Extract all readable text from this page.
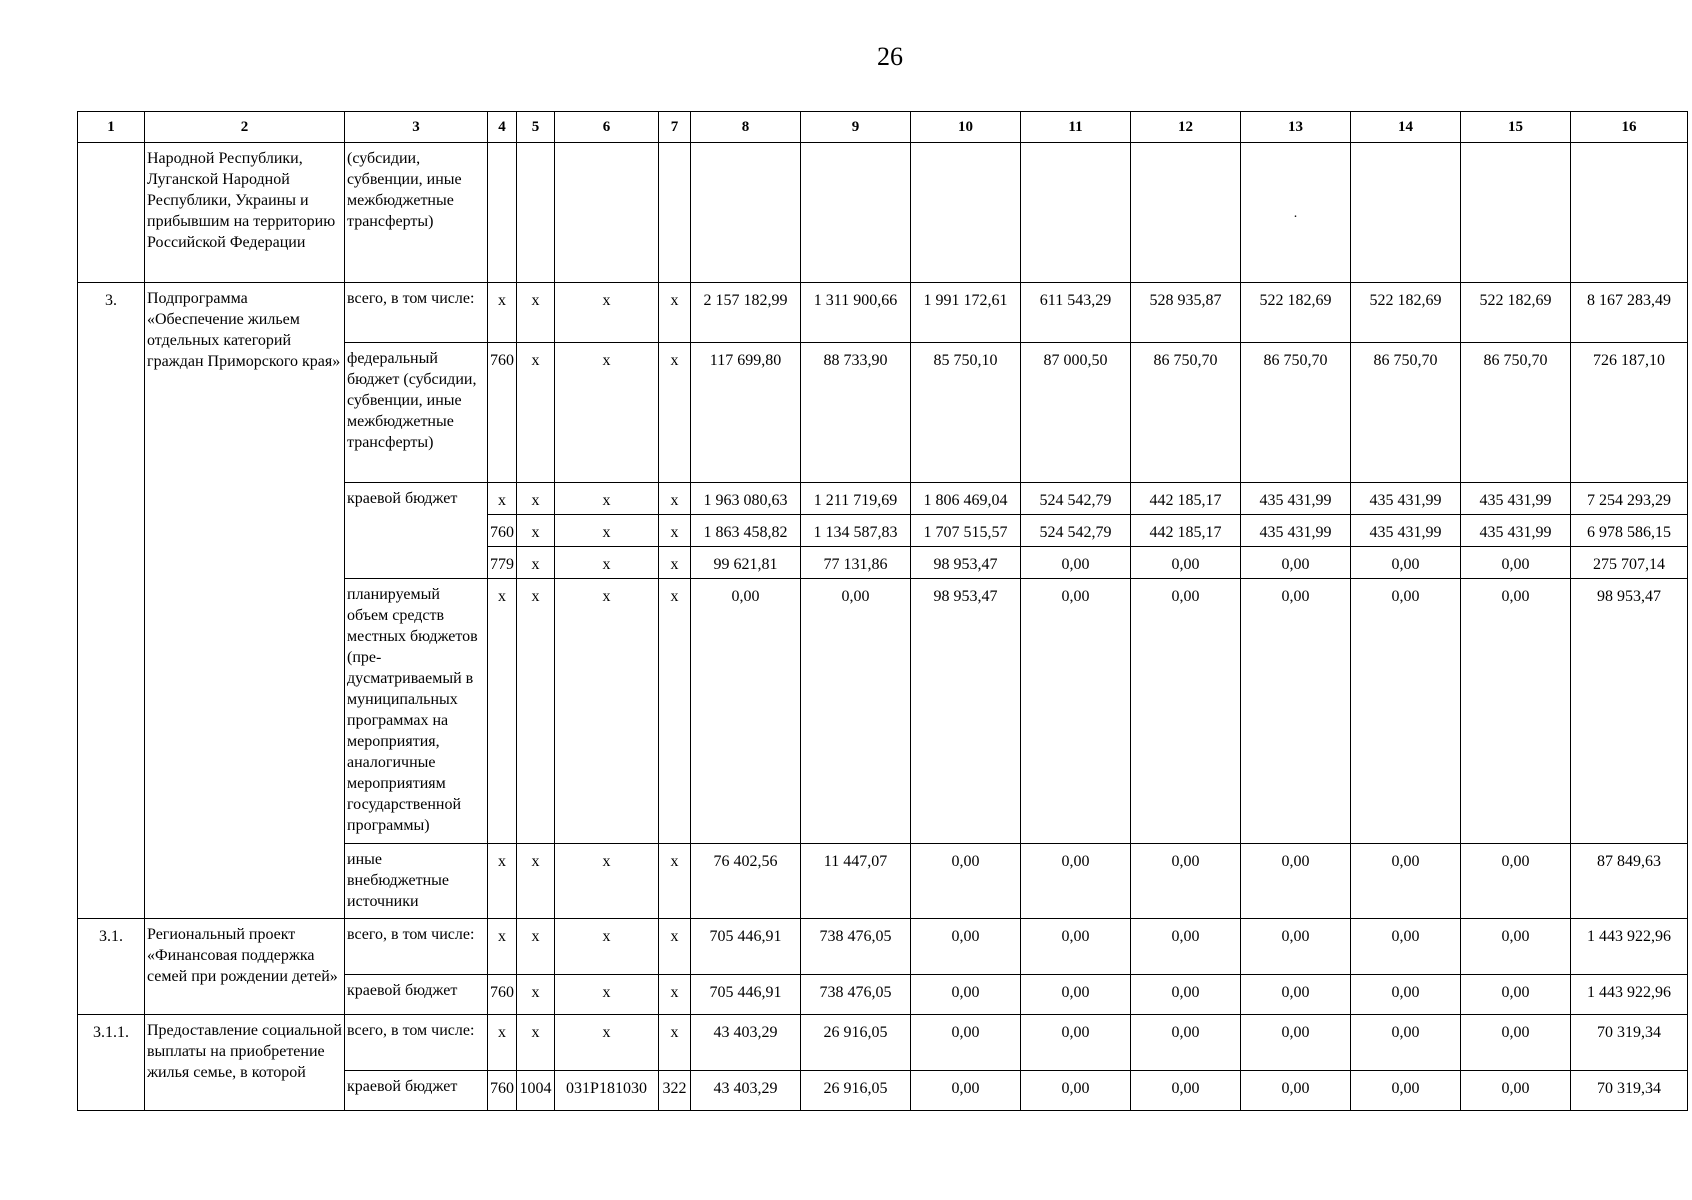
26
1	2	3	4	5	6	7	8	9	10	11	12	13	14	15	16
	Народной Республики, Луганской Народной Республики, Украины и прибывшим на территорию Российской Федерации	(субсидии, субвенции, иные межбюджетные трансферты)										.			

3.	Подпрограмма «Обеспечение жильем отдельных категорий граждан Приморского края»	всего, в том числе:	x	x	x	x	2 157 182,99	1 311 900,66	1 991 172,61	611 543,29	528 935,87	522 182,69	522 182,69	522 182,69	8 167 283,49
		федеральный бюджет (субсидии, субвенции, иные межбюджетные трансферты)	760	x	x	x	117 699,80	88 733,90	85 750,10	87 000,50	86 750,70	86 750,70	86 750,70	86 750,70	726 187,10
		краевой бюджет	x	x	x	x	1 963 080,63	1 211 719,69	1 806 469,04	524 542,79	442 185,17	435 431,99	435 431,99	435 431,99	7 254 293,29
			760	x	x	x	1 863 458,82	1 134 587,83	1 707 515,57	524 542,79	442 185,17	435 431,99	435 431,99	435 431,99	6 978 586,15
			779	x	x	x	99 621,81	77 131,86	98 953,47	0,00	0,00	0,00	0,00	0,00	275 707,14
		планируемый объем средств местных бюджетов (пре-дусматриваемый в муниципальных программах на мероприятия, аналогичные мероприятиям государственной программы)	x	x	x	x	0,00	0,00	98 953,47	0,00	0,00	0,00	0,00	0,00	98 953,47
		иные внебюджетные источники	x	x	x	x	76 402,56	11 447,07	0,00	0,00	0,00	0,00	0,00	0,00	87 849,63
3.1.	Региональный проект «Финансовая поддержка семей при рождении детей»	всего, в том числе:	x	x	x	x	705 446,91	738 476,05	0,00	0,00	0,00	0,00	0,00	0,00	1 443 922,96
		краевой бюджет	760	x	x	x	705 446,91	738 476,05	0,00	0,00	0,00	0,00	0,00	0,00	1 443 922,96
3.1.1.	Предоставление социальной выплаты на приобретение жилья семье, в которой	всего, в том числе:	x	x	x	x	43 403,29	26 916,05	0,00	0,00	0,00	0,00	0,00	0,00	70 319,34
		краевой бюджет	760	1004	031P181030	322	43 403,29	26 916,05	0,00	0,00	0,00	0,00	0,00	0,00	70 319,34
